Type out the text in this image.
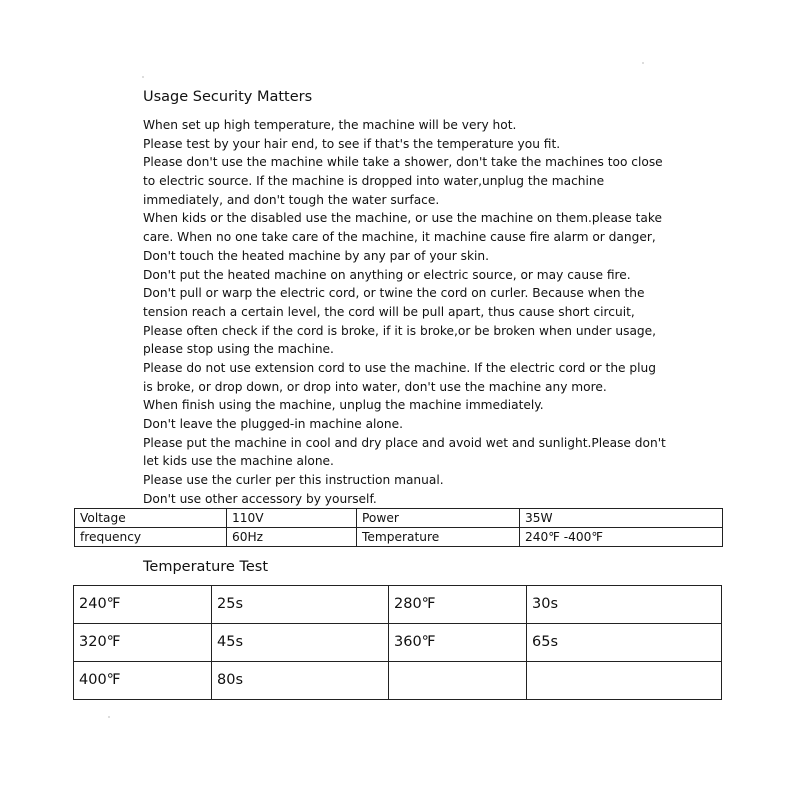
Usage Security Matters
When set up high temperature, the machine will be very hot.
Please test by your hair end, to see if that's the temperature you fit.
Please don't use the machine while take a shower, don't take the machines too close
to electric source. If the machine is dropped into water,unplug the machine
immediately, and don't tough the water surface.
When kids or the disabled use the machine, or use the machine on them.please take
care. When no one take care of the machine, it machine cause fire alarm or danger,
Don't touch the heated machine by any par of your skin.
Don't put the heated machine on anything or electric source, or may cause fire.
Don't pull or warp the electric cord, or twine the cord on curler. Because when the
tension reach a certain level, the cord will be pull apart, thus cause short circuit,
Please often check if the cord is broke, if it is broke,or be broken when under usage,
please stop using the machine.
Please do not use extension cord to use the machine. If the electric cord or the plug
is broke, or drop down, or drop into water, don't use the machine any more.
When finish using the machine, unplug the machine immediately.
Don't leave the plugged-in machine alone.
Please put the machine in cool and dry place and avoid wet and sunlight.Please don't
let kids use the machine alone.
Please use the curler per this instruction manual.
Don't use other accessory by yourself.
Voltage	110V	Power	35W
frequency	60Hz	Temperature	240℉ -400℉
Temperature Test
240℉	25s	280℉	30s
320℉	45s	360℉	65s
400℉	80s		
